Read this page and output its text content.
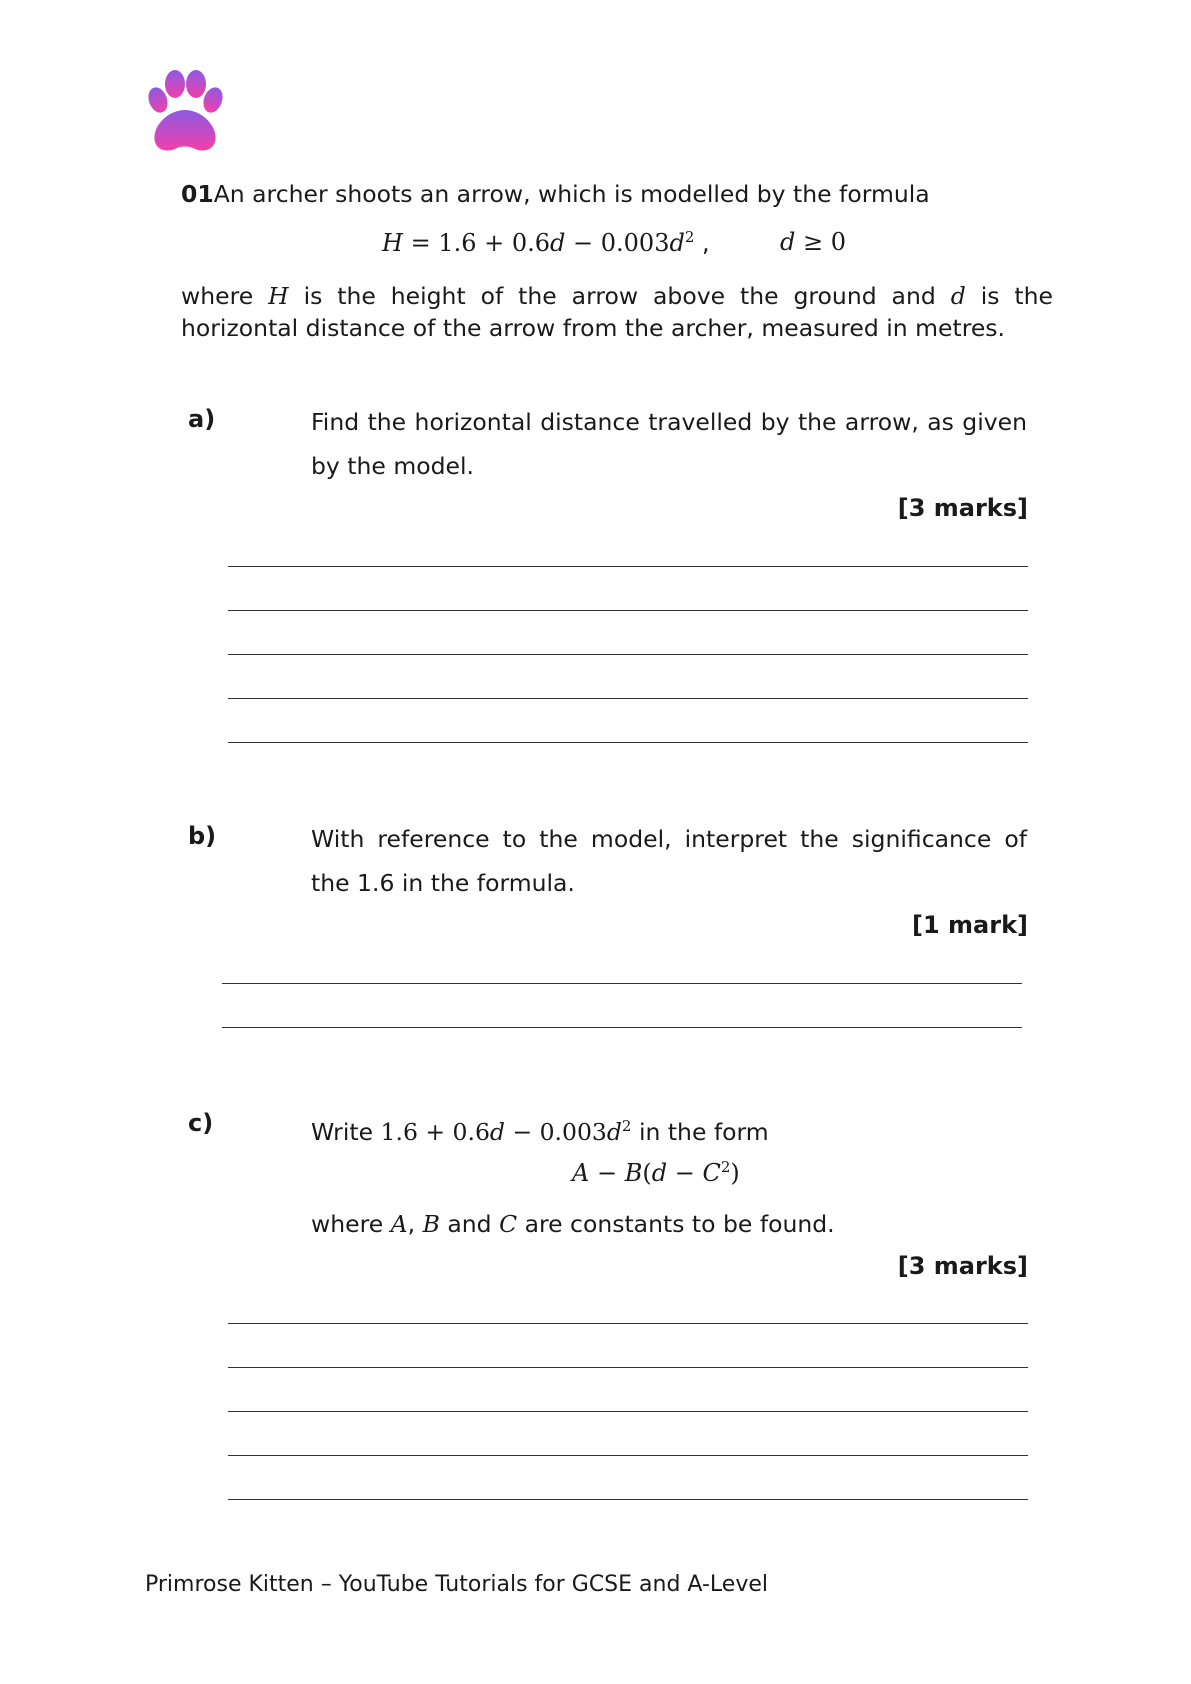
01An archer shoots an arrow, which is modelled by the formula
$H = 1.6 + 0.6d - 0.003d^2$ ,	d ≥ 0
where H is the height of the arrow above the ground and d is the
horizontal distance of the arrow from the archer, measured in metres.
a)	Find the horizontal distance travelled by the arrow, as given
by the model.
[3 marks]
b)	With reference to the model, interpret the significance of
the 1.6 in the formula.
[1 mark]
c)	Write $1.6 + 0.6d - 0.003d^2$ in the form
$A - B(d - C^2)$
where A, B and C are constants to be found.
[3 marks]
Primrose Kitten – YouTube Tutorials for GCSE and A-Level
